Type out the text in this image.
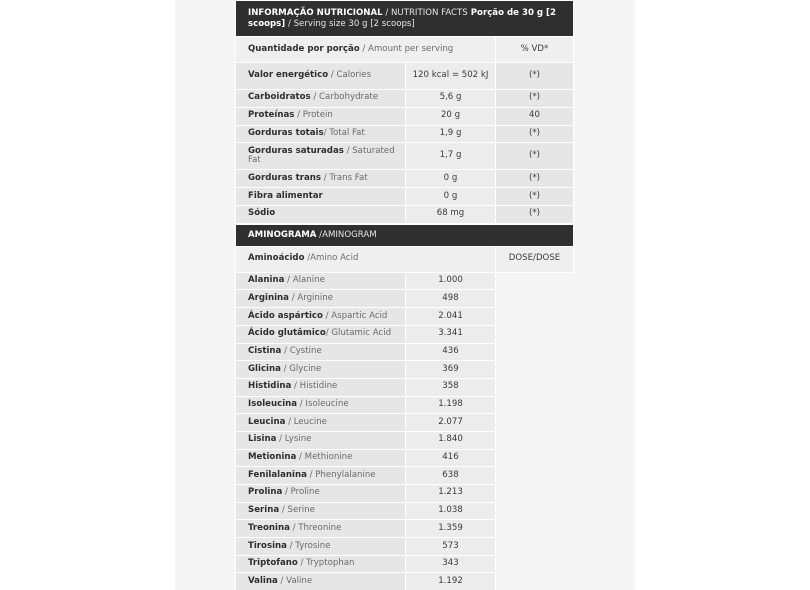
INFORMAÇÃO NUTRICIONAL / NUTRITION FACTS Porção de 30 g [2 scoops] / Serving size 30 g [2 scoops]		
Quantidade por porção / Amount per serving		% VD*
Valor energético / Calories	120 kcal = 502 kJ	(*)
Carboidratos / Carbohydrate	5,6 g	(*)
Proteínas / Protein	20 g	40
Gorduras totais/ Total Fat	1,9 g	(*)
Gorduras saturadas / Saturated Fat	1,7 g	(*)
Gorduras trans / Trans Fat	0 g	(*)
Fibra alimentar	0 g	(*)
Sódio	68 mg	(*)
AMINOGRAMA /AMINOGRAM		
Aminoácido /Amino Acid		DOSE/DOSE
Alanina / Alanine	1.000	
Arginina / Arginine	498	
Ácido aspártico / Aspartic Acid	2.041	
Ácido glutâmico/ Glutamic Acid	3.341	
Cistina / Cystine	436	
Glicina / Glycine	369	
Histidina / Histidine	358	
Isoleucina / Isoleucine	1.198	
Leucina / Leucine	2.077	
Lisina / Lysine	1.840	
Metionina / Methionine	416	
Fenilalanina / Phenylalanine	638	
Prolina / Proline	1.213	
Serina / Serine	1.038	
Treonina / Threonine	1.359	
Tirosina / Tyrosine	573	
Triptofano / Tryptophan	343	
Valina / Valine	1.192	
